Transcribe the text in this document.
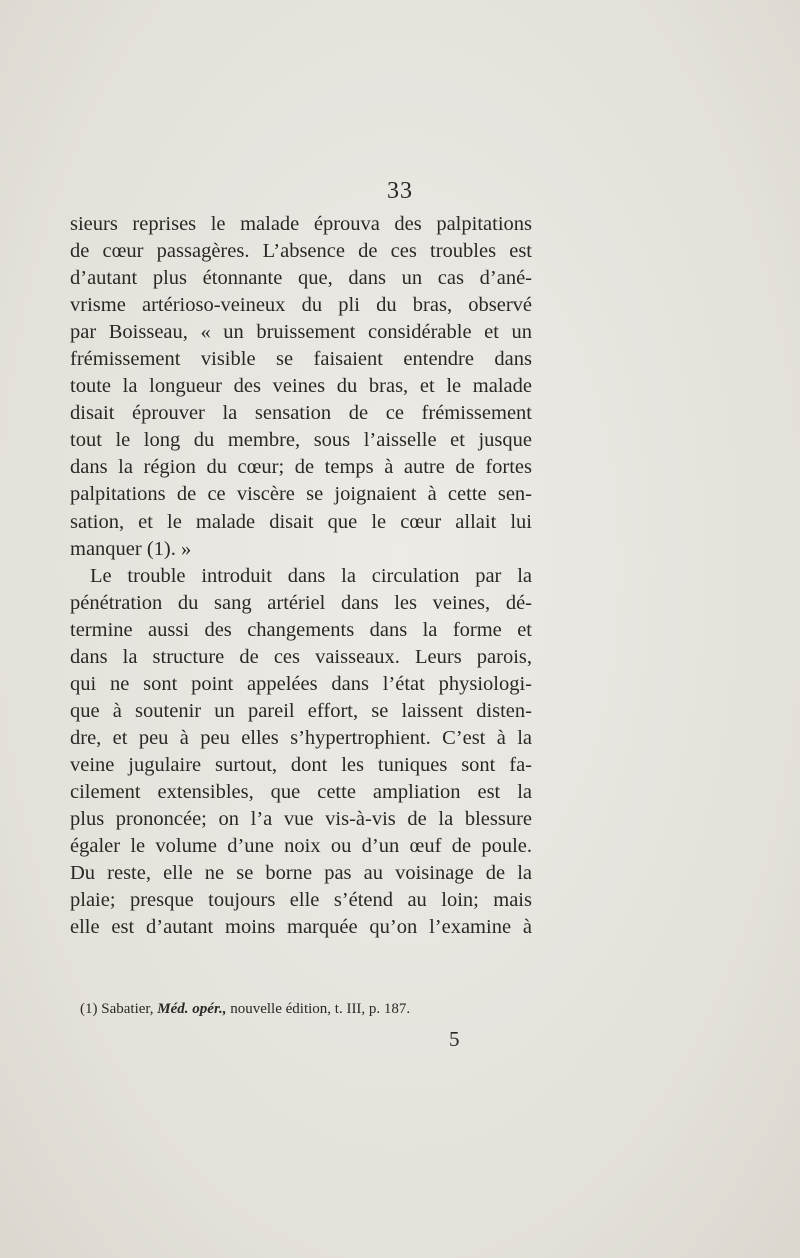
33
sieurs reprises le malade éprouva des palpitations
de cœur passagères. L’absence de ces troubles est
d’autant plus étonnante que, dans un cas d’ané-
vrisme artérioso-veineux du pli du bras, observé
par Boisseau, « un bruissement considérable et un
frémissement visible se faisaient entendre dans
toute la longueur des veines du bras, et le malade
disait éprouver la sensation de ce frémissement
tout le long du membre, sous l’aisselle et jusque
dans la région du cœur; de temps à autre de fortes
palpitations de ce viscère se joignaient à cette sen-
sation, et le malade disait que le cœur allait lui
manquer (1). »
Le trouble introduit dans la circulation par la
pénétration du sang artériel dans les veines, dé-
termine aussi des changements dans la forme et
dans la structure de ces vaisseaux. Leurs parois,
qui ne sont point appelées dans l’état physiologi-
que à soutenir un pareil effort, se laissent disten-
dre, et peu à peu elles s’hypertrophient. C’est à la
veine jugulaire surtout, dont les tuniques sont fa-
cilement extensibles, que cette ampliation est la
plus prononcée; on l’a vue vis-à-vis de la blessure
égaler le volume d’une noix ou d’un œuf de poule.
Du reste, elle ne se borne pas au voisinage de la
plaie; presque toujours elle s’étend au loin; mais
elle est d’autant moins marquée qu’on l’examine à
(1) Sabatier, Méd. opér., nouvelle édition, t. III, p. 187.
5
